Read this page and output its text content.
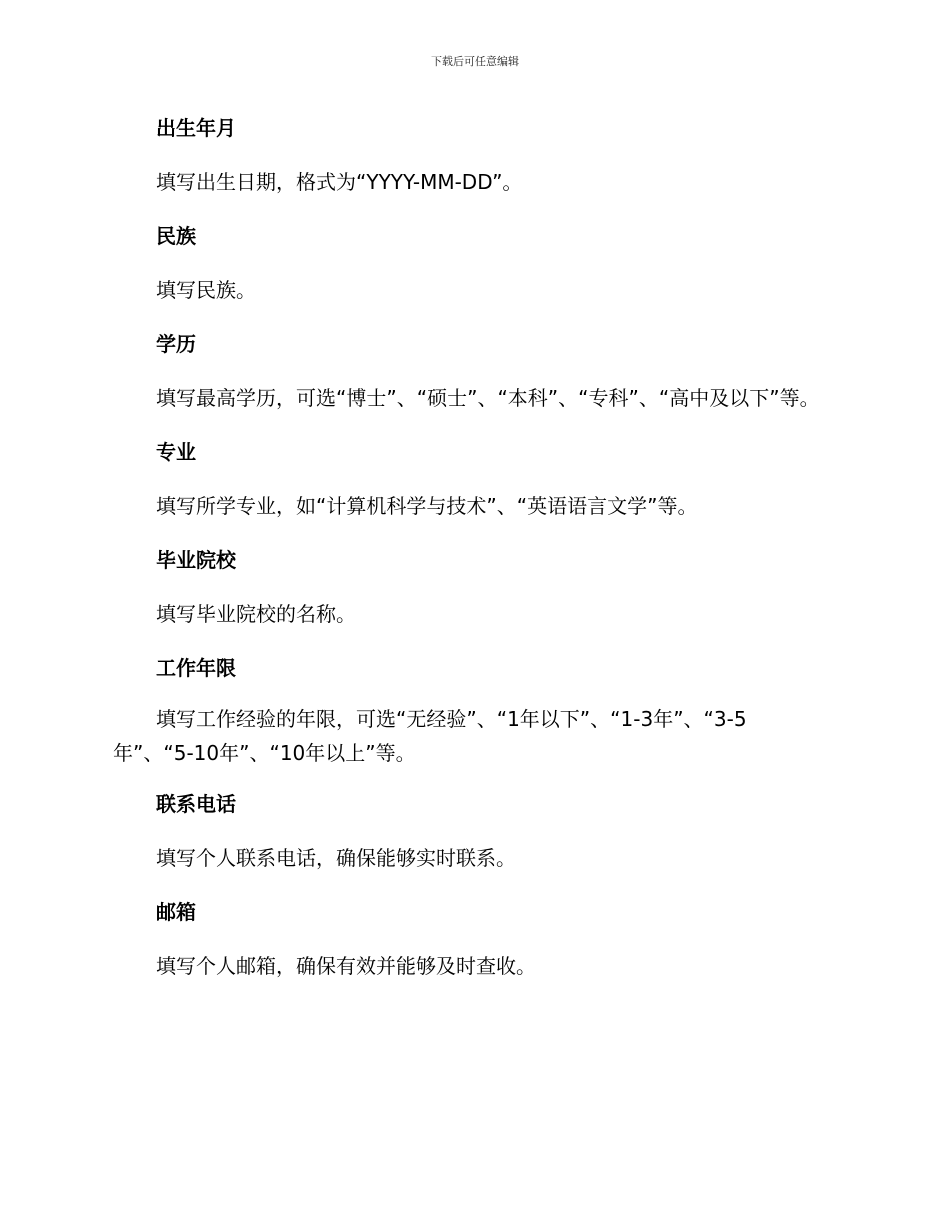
下载后可任意编辑
出生年月
填写出生日期，格式为“YYYY-MM-DD”。
民族
填写民族。
学历
填写最高学历，可选“博士”、“硕士”、“本科”、“专科”、“高中及以下”等。
专业
填写所学专业，如“计算机科学与技术”、“英语语言文学”等。
毕业院校
填写毕业院校的名称。
工作年限
填写工作经验的年限，可选“无经验”、“1年以下”、“1-3年”、“3-5年”、“5-10年”、“10年以上”等。
联系电话
填写个人联系电话，确保能够实时联系。
邮箱
填写个人邮箱，确保有效并能够及时查收。
